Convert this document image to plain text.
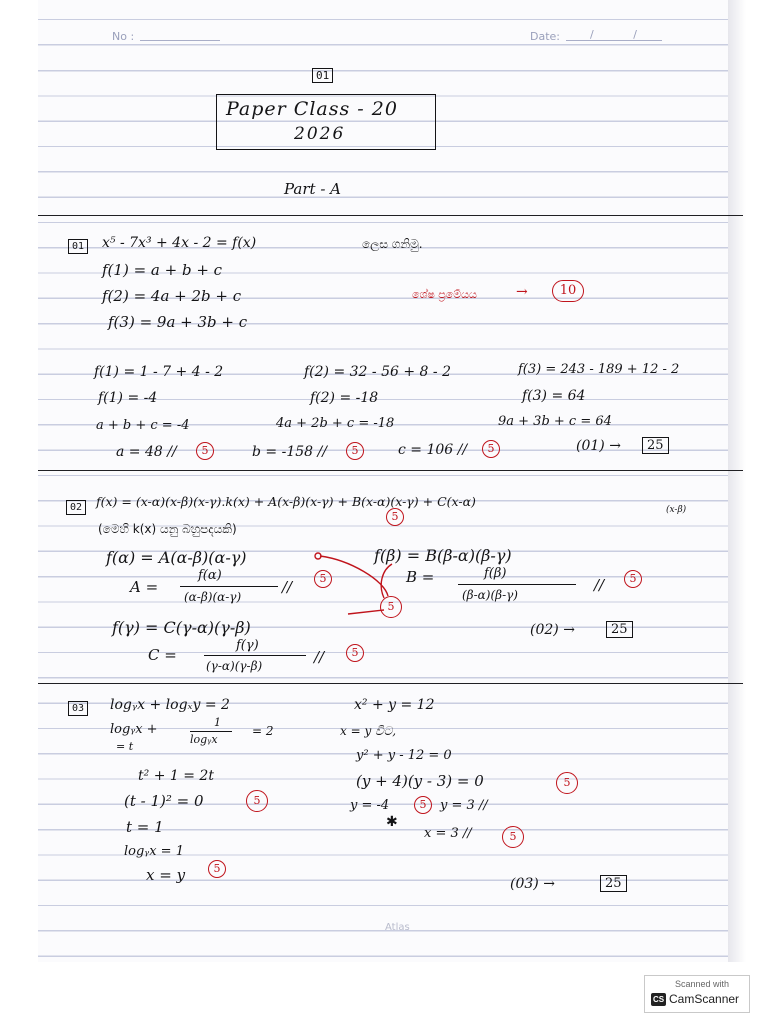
No :	Date:	/ /
01
Paper Class - 20
2026
Part - A
01 x⁵ - 7x³ + 4x - 2 = f(x)	ලෙස ගනිමු.
f(1) = a + b + c
f(2) = 4a + 2b + c
f(3) = 9a + 3b + c
ශේෂ ප්‍රමේයය	→	10
f(1) = 1 - 7 + 4 - 2	f(2) = 32 - 56 + 8 - 2	f(3) = 243 - 189 + 12 - 2
f(1) = -4	f(2) = -18	f(3) = 64
a + b + c = -4	4a + 2b + c = -18	9a + 3b + c = 64
a = 48 //	5	b = -158 //	5	c = 106 //	5	(01) →	25
02	f(x) = (x-α)(x-β)(x-γ).k(x) + A(x-β)(x-γ) + B(x-α)(x-γ) + C(x-α)
(x-β)
5
(මෙහි k(x) යනු බහුපදයකි)
f(α) = A(α-β)(α-γ)	f(β) = B(β-α)(β-γ)
A =
f(α)
(α-β)(α-γ)
//	5	B =	f(β)
(β-α)(β-γ)
//	5
5
f(γ) = C(γ-α)(γ-β)
C =
f(γ)
(γ-α)(γ-β)	//	5
(02) →	25
03 logᵧx + logₓy = 2
logᵧx +	1
logᵧx
= 2
= t
t² + 1 = 2t
(t - 1)² = 0	5
t = 1
logᵧx = 1
x = y	5
x² + y = 12
x = y විට,
y² + y - 12 = 0
(y + 4)(y - 3) = 0	5
y = -4	5	y = 3 //
✱
x = 3 //	5
(03) →	25
Atlas
Scanned with
CS CamScanner
